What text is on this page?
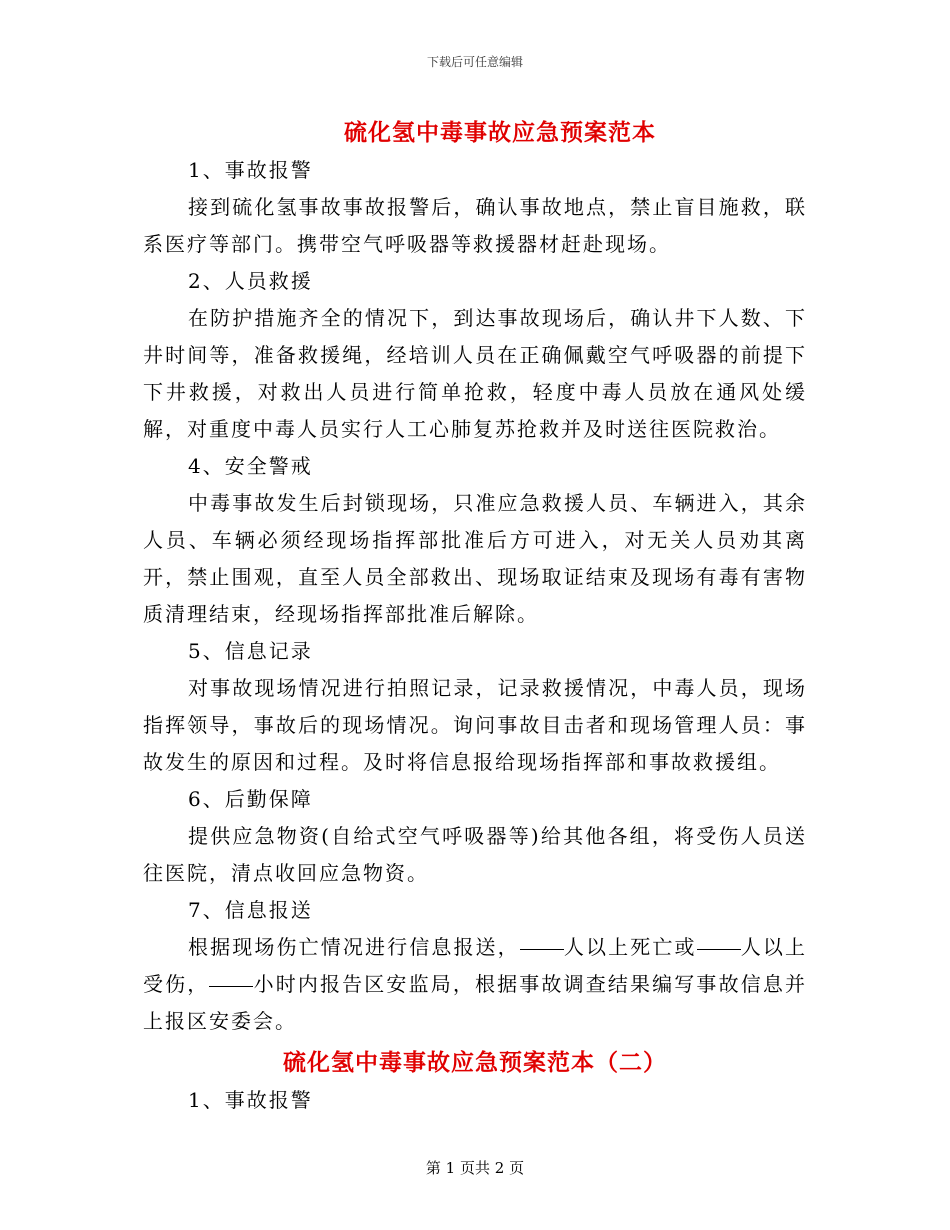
下载后可任意编辑
硫化氢中毒事故应急预案范本

1、事故报警

接到硫化氢事故事故报警后，确认事故地点，禁止盲目施救，联系医疗等部门。携带空气呼吸器等救援器材赶赴现场。

2、人员救援

在防护措施齐全的情况下，到达事故现场后，确认井下人数、下井时间等，准备救援绳，经培训人员在正确佩戴空气呼吸器的前提下下井救援，对救出人员进行简单抢救，轻度中毒人员放在通风处缓解，对重度中毒人员实行人工心肺复苏抢救并及时送往医院救治。

4、安全警戒

中毒事故发生后封锁现场，只准应急救援人员、车辆进入，其余人员、车辆必须经现场指挥部批准后方可进入，对无关人员劝其离开，禁止围观，直至人员全部救出、现场取证结束及现场有毒有害物质清理结束，经现场指挥部批准后解除。

5、信息记录

对事故现场情况进行拍照记录，记录救援情况，中毒人员，现场指挥领导，事故后的现场情况。询问事故目击者和现场管理人员：事故发生的原因和过程。及时将信息报给现场指挥部和事故救援组。

6、后勤保障

提供应急物资(自给式空气呼吸器等)给其他各组，将受伤人员送往医院，清点收回应急物资。

7、信息报送

根据现场伤亡情况进行信息报送， 人以上死亡或 人以上受伤， 小时内报告区安监局，根据事故调查结果编写事故信息并上报区安委会。

硫化氢中毒事故应急预案范本（二）

1、事故报警

第 1 页共 2 页
